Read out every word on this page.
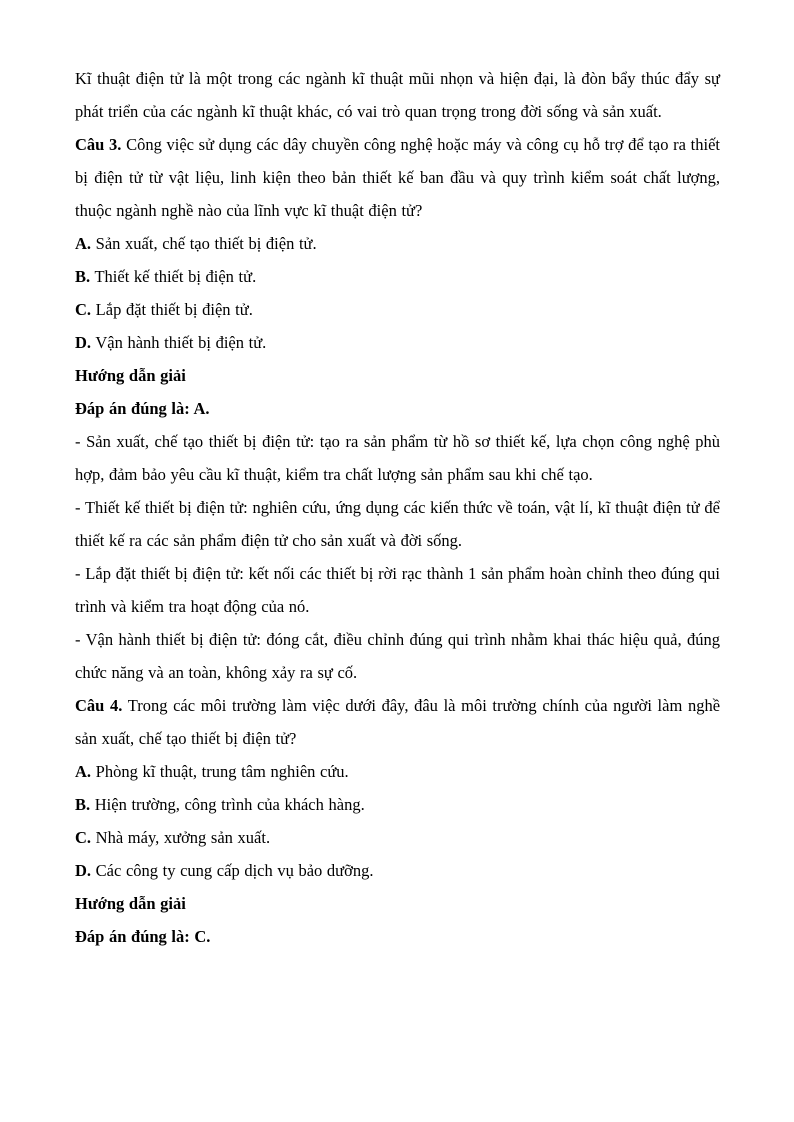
Kĩ thuật điện tử là một trong các ngành kĩ thuật mũi nhọn và hiện đại, là đòn bẩy thúc đẩy sự phát triển của các ngành kĩ thuật khác, có vai trò quan trọng trong đời sống và sản xuất.

Câu 3. Công việc sử dụng các dây chuyền công nghệ hoặc máy và công cụ hỗ trợ để tạo ra thiết bị điện tử từ vật liệu, linh kiện theo bản thiết kế ban đầu và quy trình kiểm soát chất lượng, thuộc ngành nghề nào của lĩnh vực kĩ thuật điện tử?

A. Sản xuất, chế tạo thiết bị điện tử.

B. Thiết kế thiết bị điện tử.

C. Lắp đặt thiết bị điện tử.

D. Vận hành thiết bị điện tử.

Hướng dẫn giải

Đáp án đúng là: A.

- Sản xuất, chế tạo thiết bị điện tử: tạo ra sản phẩm từ hồ sơ thiết kế, lựa chọn công nghệ phù hợp, đảm bảo yêu cầu kĩ thuật, kiểm tra chất lượng sản phẩm sau khi chế tạo.

- Thiết kế thiết bị điện tử: nghiên cứu, ứng dụng các kiến thức về toán, vật lí, kĩ thuật điện tử để thiết kế ra các sản phẩm điện tử cho sản xuất và đời sống.

- Lắp đặt thiết bị điện tử: kết nối các thiết bị rời rạc thành 1 sản phẩm hoàn chỉnh theo đúng qui trình và kiểm tra hoạt động của nó.

- Vận hành thiết bị điện tử: đóng cắt, điều chỉnh đúng qui trình nhằm khai thác hiệu quả, đúng chức năng và an toàn, không xảy ra sự cố.

Câu 4. Trong các môi trường làm việc dưới đây, đâu là môi trường chính của người làm nghề sản xuất, chế tạo thiết bị điện tử?

A. Phòng kĩ thuật, trung tâm nghiên cứu.

B. Hiện trường, công trình của khách hàng.

C. Nhà máy, xưởng sản xuất.

D. Các công ty cung cấp dịch vụ bảo dưỡng.

Hướng dẫn giải

Đáp án đúng là: C.
